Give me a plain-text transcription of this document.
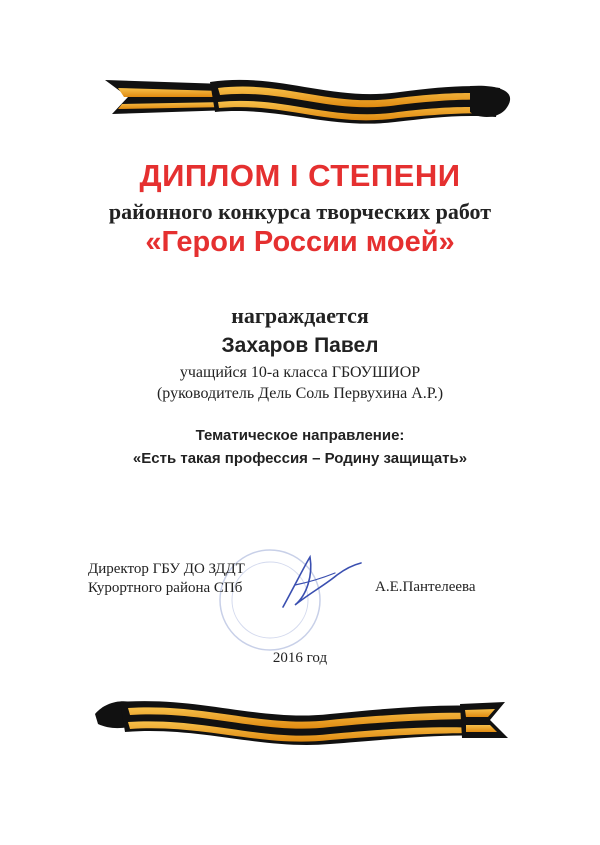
ДИПЛОМ I СТЕПЕНИ
районного конкурса творческих работ
«Герои России моей»
награждается
Захаров Павел
учащийся 10-а класса ГБОУШИОР
(руководитель Дель Соль Первухина А.Р.)
Тематическое направление:
«Есть такая профессия – Родину защищать»
Директор ГБУ ДО ЗДДТ
Курортного района СПб	А.Е.Пантелеева
2016 год
